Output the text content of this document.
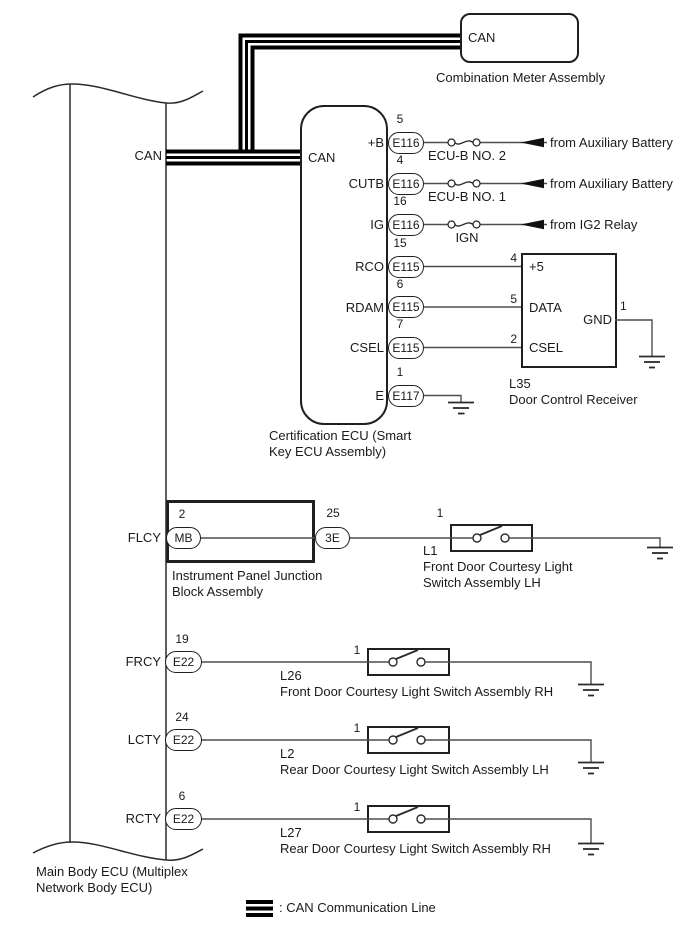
E116
E116
E116
E115
E115
E115
E117
MB	3E
E22
E22
E22
CAN
CAN
Combination Meter Assembly
CAN
+B
CUTB
IG
RCO
RDAM
CSEL
E
5
4
16
15
6
7
1
ECU-B NO. 2
ECU-B NO. 1
IGN
from Auxiliary Battery
from Auxiliary Battery
from IG2 Relay
4
5
2
+5
DATA
CSEL
GND
1
L35
Door Control Receiver
Certification ECU (Smart
Key ECU Assembly)
2	25
Instrument Panel Junction
Block Assembly
FLCY
1
L1
Front Door Courtesy Light
Switch Assembly LH
FRCY
19
1
L26
Front Door Courtesy Light Switch Assembly RH
LCTY
24
1
L2
Rear Door Courtesy Light Switch Assembly LH
RCTY
6
1
L27
Rear Door Courtesy Light Switch Assembly RH
Main Body ECU (Multiplex
Network Body ECU)
: CAN Communication Line
